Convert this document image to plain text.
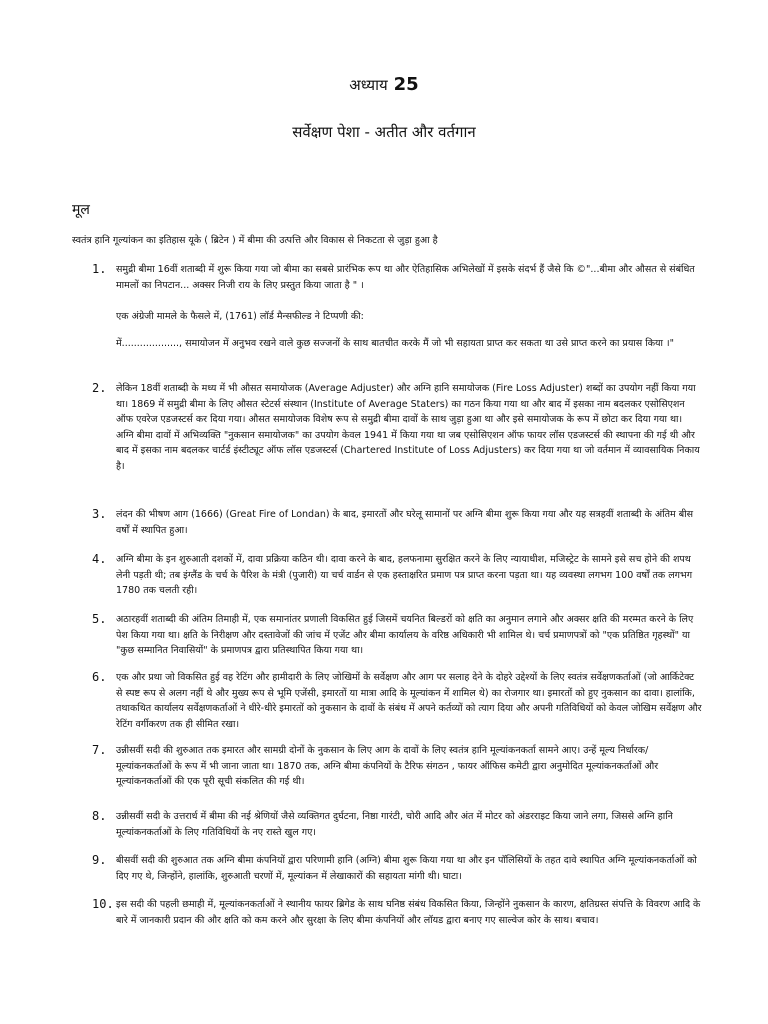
अध्याय 25
सर्वेक्षण पेशा - अतीत और वर्तगान
मूल
स्वतंत्र हानि गूल्यांकन का इतिहास यूके ( ब्रिटेन ) में बीमा की उत्पत्ति और विकास से निकटता से जुड़ा हुआ है
1. समुद्री बीमा 16वीं शताब्दी में शुरू किया गया जो बीमा का सबसे प्रारंभिक रूप था और ऐतिहासिक अभिलेखों में इसके संदर्भ हैं जैसे कि ©"...बीमा और औसत से संबंधित मामलों का निपटान... अक्सर निजी राय के लिए प्रस्तुत किया जाता है " ।
एक अंग्रेजी मामले के फैसले में, (1761) लॉर्ड मैन्सफील्ड ने टिप्पणी की:
में..................., समायोजन में अनुभव रखने वाले कुछ सज्जनों के साथ बातचीत करके मैं जो भी सहायता प्राप्त कर सकता था उसे प्राप्त करने का प्रयास किया ।"
2. लेकिन 18वीं शताब्दी के मध्य में भी औसत समायोजक (Average Adjuster) और अग्नि हानि समायोजक (Fire Loss Adjuster) शब्दों का उपयोग नहीं किया गया था। 1869 में समुद्री बीमा के लिए औसत स्टेटर्स संस्थान (Institute of Average Staters) का गठन किया गया था और बाद में इसका नाम बदलकर एसोसिएशन ऑफ एवरेज एडजस्टर्स कर दिया गया। औसत समायोजक विशेष रूप से समुद्री बीमा दावों के साथ जुड़ा हुआ था और इसे समायोजक के रूप में छोटा कर दिया गया था। अग्नि बीमा दावों में अभिव्यक्ति "नुकसान समायोजक" का उपयोग केवल 1941 में किया गया था जब एसोसिएशन ऑफ फायर लॉस एडजस्टर्स की स्थापना की गई थी और बाद में इसका नाम बदलकर चार्टर्ड इंस्टीट्यूट ऑफ लॉस एडजस्टर्स (Chartered Institute of Loss Adjusters) कर दिया गया था जो वर्तमान में व्यावसायिक निकाय है।
3. लंदन की भीषण आग (1666) (Great Fire of Londan) के बाद, इमारतों और घरेलू सामानों पर अग्नि बीमा शुरू किया गया और यह सत्रहवीं शताब्दी के अंतिम बीस वर्षों में स्थापित हुआ।
4. अग्नि बीमा के इन शुरुआती दशकों में, दावा प्रक्रिया कठिन थी। दावा करने के बाद, हलफनामा सुरक्षित करने के लिए न्यायाधीश, मजिस्ट्रेट के सामने इसे सच होने की शपथ लेनी पड़ती थी; तब इंग्लैंड के चर्च के पैरिश के मंत्री (पुजारी) या चर्च वार्डन से एक हस्ताक्षरित प्रमाण पत्र प्राप्त करना पड़ता था। यह व्यवस्था लगभग 100 वर्षों तक लगभग 1780 तक चलती रही।
5. अठारहवीं शताब्दी की अंतिम तिमाही में, एक समानांतर प्रणाली विकसित हुई जिसमें चयनित बिल्डरों को क्षति का अनुमान लगाने और अक्सर क्षति की मरम्मत करने के लिए पेश किया गया था। क्षति के निरीक्षण और दस्तावेजों की जांच में एजेंट और बीमा कार्यालय के वरिष्ठ अधिकारी भी शामिल थे। चर्च प्रमाणपत्रों को "एक प्रतिष्ठित गृहस्थों" या "कुछ सम्मानित निवासियों" के प्रमाणपत्र द्वारा प्रतिस्थापित किया गया था।
6. एक और प्रथा जो विकसित हुई वह रेटिंग और हामीदारी के लिए जोखिमों के सर्वेक्षण और आग पर सलाह देने के दोहरे उद्देश्यों के लिए स्वतंत्र सर्वेक्षणकर्ताओं (जो आर्किटेक्ट से स्पष्ट रूप से अलग नहीं थे और मुख्य रूप से भूमि एजेंसी, इमारतों या मात्रा आदि के मूल्यांकन में शामिल थे) का रोजगार था। इमारतों को हुए नुकसान का दावा। हालांकि, तथाकथित कार्यालय सर्वेक्षणकर्ताओं ने धीरे-धीरे इमारतों को नुकसान के दावों के संबंध में अपने कर्तव्यों को त्याग दिया और अपनी गतिविधियों को केवल जोखिम सर्वेक्षण और रेटिंग वर्गीकरण तक ही सीमित रखा।
7. उन्नीसवीं सदी की शुरुआत तक इमारत और सामग्री दोनों के नुकसान के लिए आग के दावों के लिए स्वतंत्र हानि मूल्यांकनकर्ता सामने आए। उन्हें मूल्य निर्धारक/ मूल्यांकनकर्ताओं के रूप में भी जाना जाता था। 1870 तक, अग्नि बीमा कंपनियों के टैरिफ संगठन , फायर ऑफिस कमेटी द्वारा अनुमोदित मूल्यांकनकर्ताओं और मूल्यांकनकर्ताओं की एक पूरी सूची संकलित की गई थी।
8. उन्नीसवीं सदी के उत्तरार्ध में बीमा की नई श्रेणियों जैसे व्यक्तिगत दुर्घटना, निष्ठा गारंटी, चोरी आदि और अंत में मोटर को अंडरराइट किया जाने लगा, जिससे अग्नि हानि मूल्यांकनकर्ताओं के लिए गतिविधियों के नए रास्ते खुल गए।
9. बीसवीं सदी की शुरुआत तक अग्नि बीमा कंपनियों द्वारा परिणामी हानि (अग्नि) बीमा शुरू किया गया था और इन पॉलिसियों के तहत दावे स्थापित अग्नि मूल्यांकनकर्ताओं को दिए गए थे, जिन्होंने, हालांकि, शुरुआती चरणों में, मूल्यांकन में लेखाकारों की सहायता मांगी थी। घाटा।
10. इस सदी की पहली छमाही में, मूल्यांकनकर्ताओं ने स्थानीय फायर ब्रिगेड के साथ घनिष्ठ संबंध विकसित किया, जिन्होंने नुकसान के कारण, क्षतिग्रस्त संपत्ति के विवरण आदि के बारे में जानकारी प्रदान की और क्षति को कम करने और सुरक्षा के लिए बीमा कंपनियों और लॉयड द्वारा बनाए गए साल्वेज कोर के साथ। बचाव।
